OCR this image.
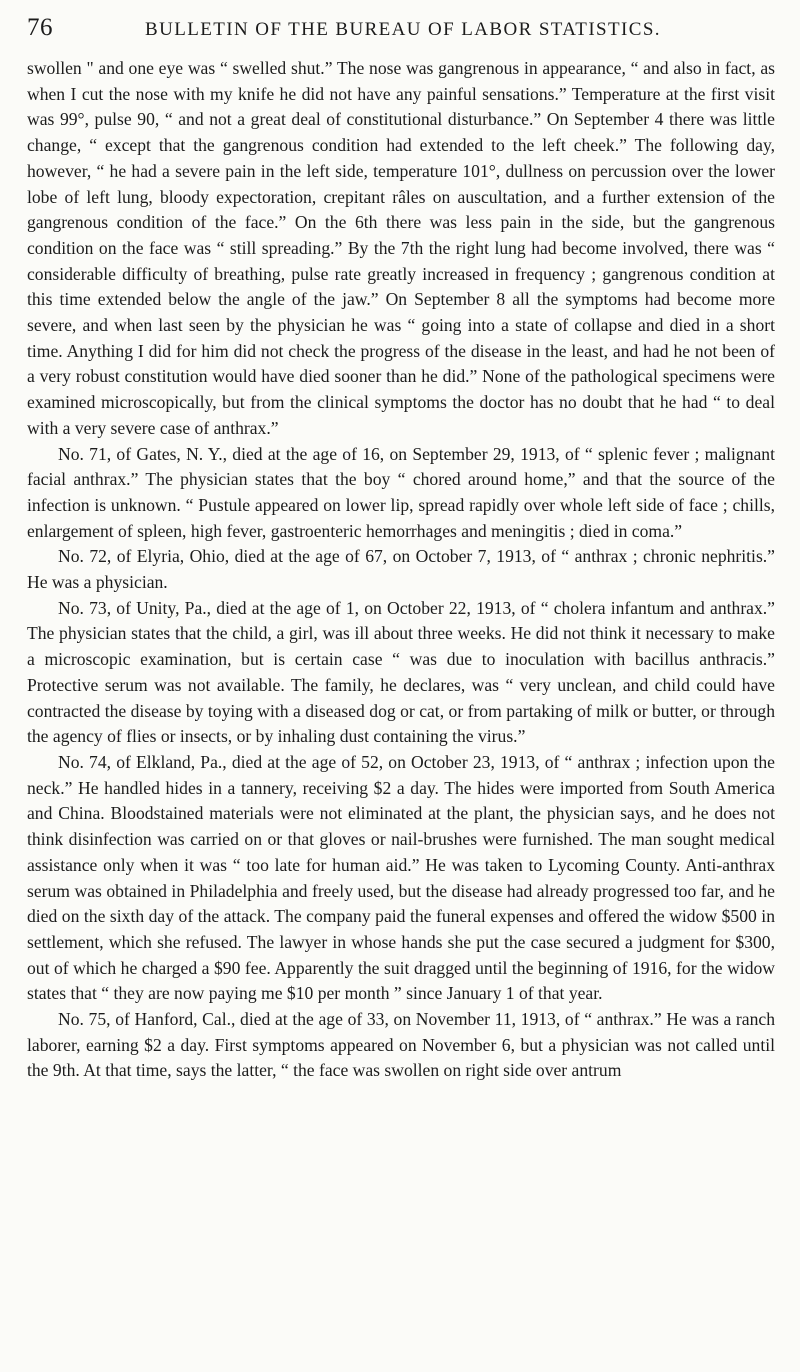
76	BULLETIN OF THE BUREAU OF LABOR STATISTICS.

swollen " and one eye was “ swelled shut.” The nose was gangrenous in appearance, “ and also in fact, as when I cut the nose with my knife he did not have any painful sensations.” Temperature at the first visit was 99°, pulse 90, “ and not a great deal of constitutional disturbance.” On September 4 there was little change, “ except that the gangrenous condition had extended to the left cheek.” The following day, however, “ he had a severe pain in the left side, temperature 101°, dullness on percussion over the lower lobe of left lung, bloody expectoration, crepitant râles on auscultation, and a further extension of the gangrenous condition of the face.” On the 6th there was less pain in the side, but the gangrenous condition on the face was “ still spreading.” By the 7th the right lung had become involved, there was “ considerable difficulty of breathing, pulse rate greatly increased in frequency ; gangrenous condition at this time extended below the angle of the jaw.” On September 8 all the symptoms had become more severe, and when last seen by the physician he was “ going into a state of collapse and died in a short time. Anything I did for him did not check the progress of the disease in the least, and had he not been of a very robust constitution would have died sooner than he did.” None of the pathological specimens were examined microscopically, but from the clinical symptoms the doctor has no doubt that he had “ to deal with a very severe case of anthrax.”

No. 71, of Gates, N. Y., died at the age of 16, on September 29, 1913, of “ splenic fever ; malignant facial anthrax.” The physician states that the boy “ chored around home,” and that the source of the infection is unknown. “ Pustule appeared on lower lip, spread rapidly over whole left side of face ; chills, enlargement of spleen, high fever, gastroenteric hemorrhages and meningitis ; died in coma.”

No. 72, of Elyria, Ohio, died at the age of 67, on October 7, 1913, of “ anthrax ; chronic nephritis.” He was a physician.

No. 73, of Unity, Pa., died at the age of 1, on October 22, 1913, of “ cholera infantum and anthrax.” The physician states that the child, a girl, was ill about three weeks. He did not think it necessary to make a microscopic examination, but is certain case “ was due to inoculation with bacillus anthracis.” Protective serum was not available. The family, he declares, was “ very unclean, and child could have contracted the disease by toying with a diseased dog or cat, or from partaking of milk or butter, or through the agency of flies or insects, or by inhaling dust containing the virus.”

No. 74, of Elkland, Pa., died at the age of 52, on October 23, 1913, of “ anthrax ; infection upon the neck.” He handled hides in a tannery, receiving $2 a day. The hides were imported from South America and China. Bloodstained materials were not eliminated at the plant, the physician says, and he does not think disinfection was carried on or that gloves or nail-brushes were furnished. The man sought medical assistance only when it was “ too late for human aid.” He was taken to Lycoming County. Anti-anthrax serum was obtained in Philadelphia and freely used, but the disease had already progressed too far, and he died on the sixth day of the attack. The company paid the funeral expenses and offered the widow $500 in settlement, which she refused. The lawyer in whose hands she put the case secured a judgment for $300, out of which he charged a $90 fee. Apparently the suit dragged until the beginning of 1916, for the widow states that “ they are now paying me $10 per month ” since January 1 of that year.

No. 75, of Hanford, Cal., died at the age of 33, on November 11, 1913, of “ anthrax.” He was a ranch laborer, earning $2 a day. First symptoms appeared on November 6, but a physician was not called until the 9th. At that time, says the latter, “ the face was swollen on right side over antrum
